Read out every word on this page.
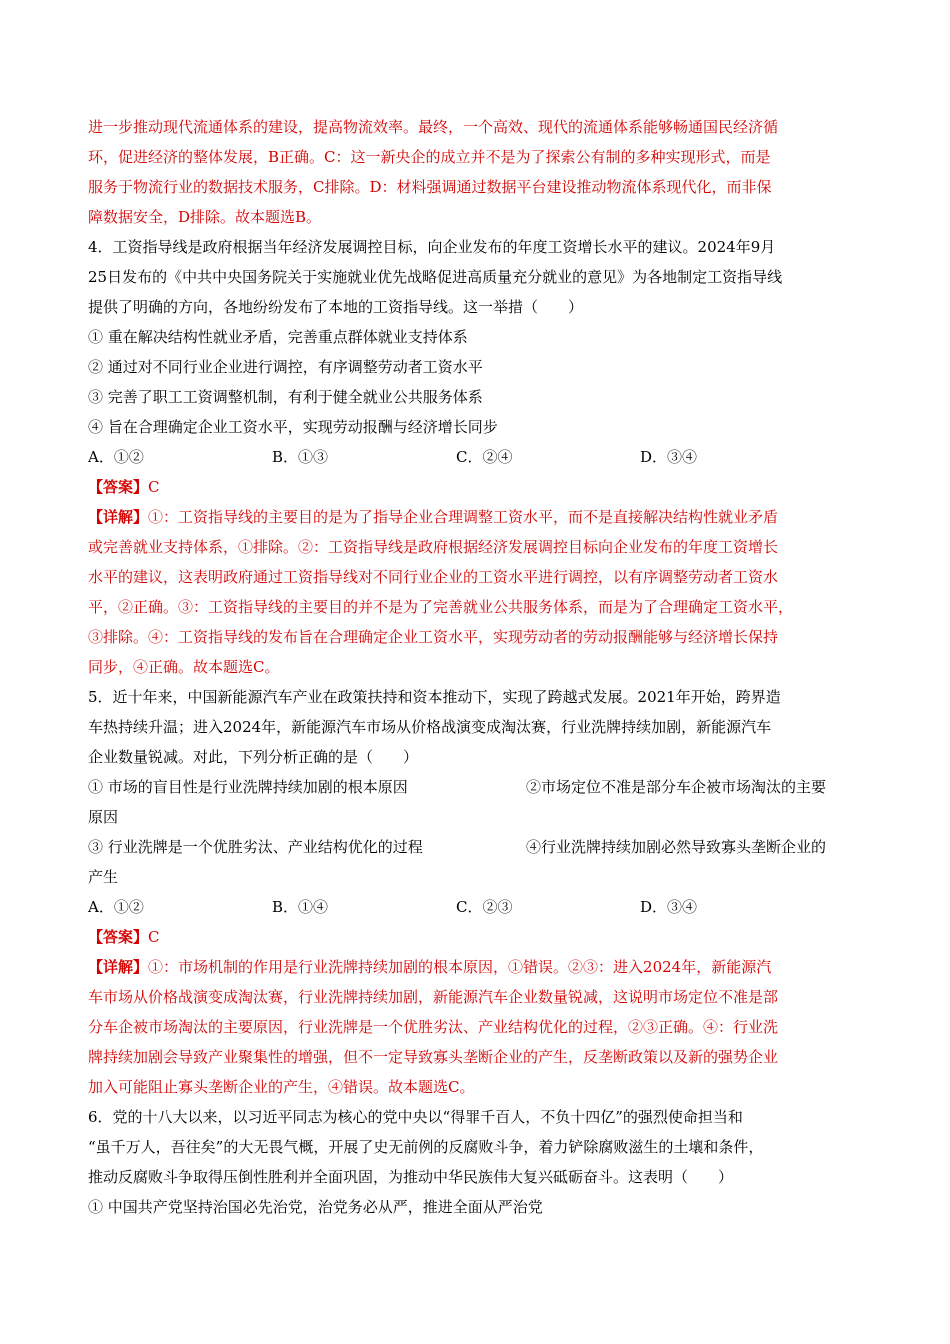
进一步推动现代流通体系的建设，提高物流效率。最终，一个高效、现代的流通体系能够畅通国民经济循
环，促进经济的整体发展，B正确。C：这一新央企的成立并不是为了探索公有制的多种实现形式，而是
服务于物流行业的数据技术服务，C排除。D：材料强调通过数据平台建设推动物流体系现代化，而非保
障数据安全，D排除。故本题选B。
4．工资指导线是政府根据当年经济发展调控目标，向企业发布的年度工资增长水平的建议。2024年9月
25日发布的《中共中央国务院关于实施就业优先战略促进高质量充分就业的意见》为各地制定工资指导线
提供了明确的方向，各地纷纷发布了本地的工资指导线。这一举措（　　）
① 重在解决结构性就业矛盾，完善重点群体就业支持体系
② 通过对不同行业企业进行调控，有序调整劳动者工资水平
③ 完善了职工工资调整机制，有利于健全就业公共服务体系
④ 旨在合理确定企业工资水平，实现劳动报酬与经济增长同步
A．①②	B．①③	C．②④	D．③④
【答案】C
【详解】①：工资指导线的主要目的是为了指导企业合理调整工资水平，而不是直接解决结构性就业矛盾
或完善就业支持体系，①排除。②：工资指导线是政府根据经济发展调控目标向企业发布的年度工资增长
水平的建议，这表明政府通过工资指导线对不同行业企业的工资水平进行调控，以有序调整劳动者工资水
平，②正确。③：工资指导线的主要目的并不是为了完善就业公共服务体系，而是为了合理确定工资水平，
③排除。④：工资指导线的发布旨在合理确定企业工资水平，实现劳动者的劳动报酬能够与经济增长保持
同步，④正确。故本题选C。
5．近十年来，中国新能源汽车产业在政策扶持和资本推动下，实现了跨越式发展。2021年开始，跨界造
车热持续升温；进入2024年，新能源汽车市场从价格战演变成淘汰赛，行业洗牌持续加剧，新能源汽车
企业数量锐减。对此，下列分析正确的是（　　）
① 市场的盲目性是行业洗牌持续加剧的根本原因	②市场定位不准是部分车企被市场淘汰的主要
原因
③ 行业洗牌是一个优胜劣汰、产业结构优化的过程	④行业洗牌持续加剧必然导致寡头垄断企业的
产生
A．①②	B．①④	C．②③	D．③④
【答案】C
【详解】①：市场机制的作用是行业洗牌持续加剧的根本原因，①错误。②③：进入2024年，新能源汽
车市场从价格战演变成淘汰赛，行业洗牌持续加剧，新能源汽车企业数量锐减，这说明市场定位不准是部
分车企被市场淘汰的主要原因，行业洗牌是一个优胜劣汰、产业结构优化的过程，②③正确。④：行业洗
牌持续加剧会导致产业聚集性的增强，但不一定导致寡头垄断企业的产生，反垄断政策以及新的强势企业
加入可能阻止寡头垄断企业的产生，④错误。故本题选C。
6．党的十八大以来，以习近平同志为核心的党中央以“得罪千百人，不负十四亿”的强烈使命担当和
“虽千万人，吾往矣”的大无畏气概，开展了史无前例的反腐败斗争，着力铲除腐败滋生的土壤和条件，
推动反腐败斗争取得压倒性胜利并全面巩固，为推动中华民族伟大复兴砥砺奋斗。这表明（　　）
① 中国共产党坚持治国必先治党，治党务必从严，推进全面从严治党
